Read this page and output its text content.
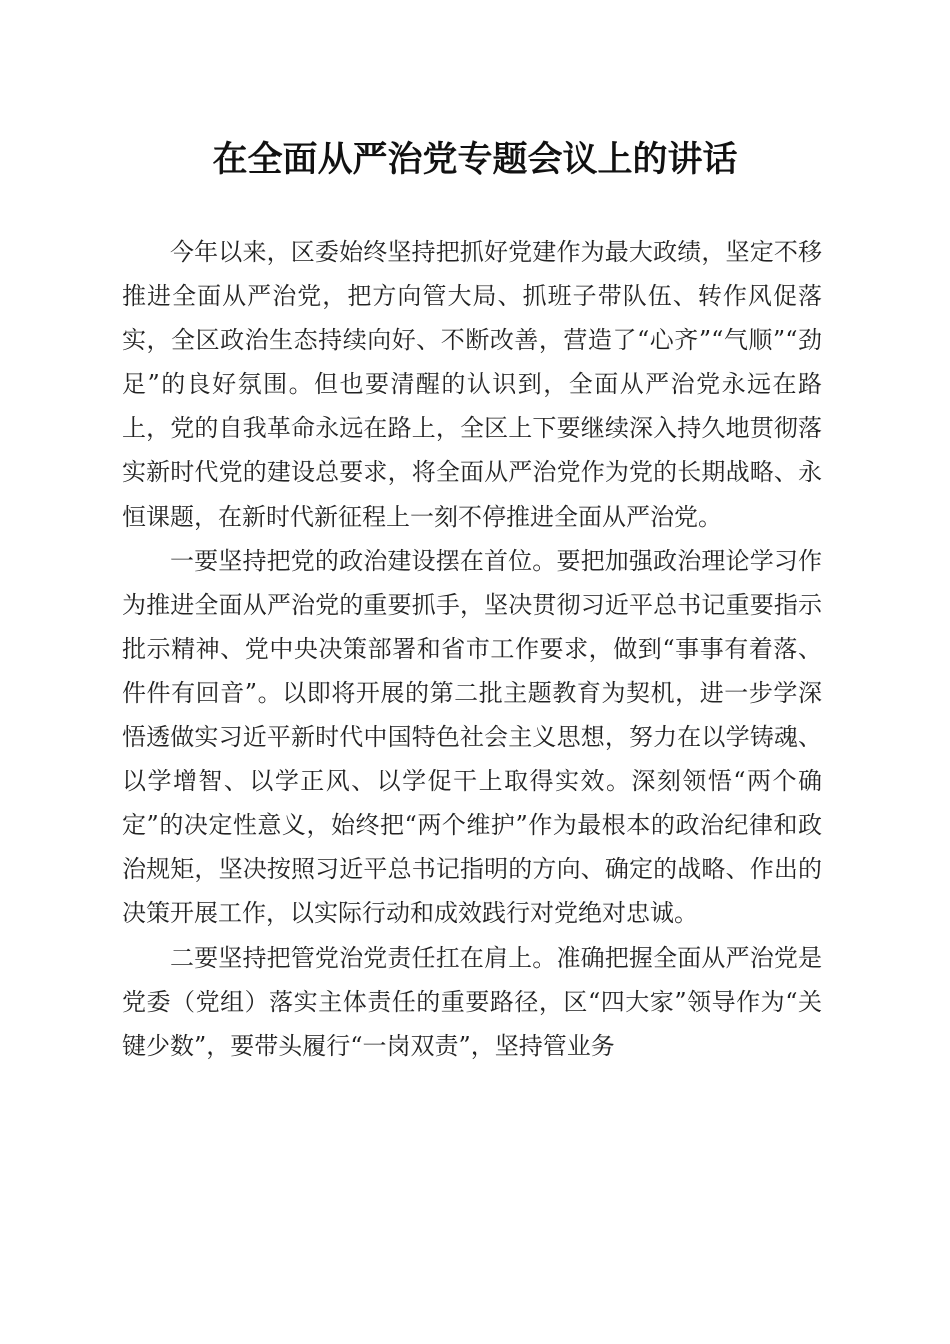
在全面从严治党专题会议上的讲话

今年以来，区委始终坚持把抓好党建作为最大政绩，坚定不移推进全面从严治党，把方向管大局、抓班子带队伍、转作风促落实，全区政治生态持续向好、不断改善，营造了“心齐”“气顺”“劲足”的良好氛围。但也要清醒的认识到，全面从严治党永远在路上，党的自我革命永远在路上，全区上下要继续深入持久地贯彻落实新时代党的建设总要求，将全面从严治党作为党的长期战略、永恒课题，在新时代新征程上一刻不停推进全面从严治党。

一要坚持把党的政治建设摆在首位。要把加强政治理论学习作为推进全面从严治党的重要抓手，坚决贯彻习近平总书记重要指示批示精神、党中央决策部署和省市工作要求，做到“事事有着落、件件有回音”。以即将开展的第二批主题教育为契机，进一步学深悟透做实习近平新时代中国特色社会主义思想，努力在以学铸魂、以学增智、以学正风、以学促干上取得实效。深刻领悟“两个确定”的决定性意义，始终把“两个维护”作为最根本的政治纪律和政治规矩，坚决按照习近平总书记指明的方向、确定的战略、作出的决策开展工作，以实际行动和成效践行对党绝对忠诚。

二要坚持把管党治党责任扛在肩上。准确把握全面从严治党是党委（党组）落实主体责任的重要路径，区“四大家”领导作为“关键少数”，要带头履行“一岗双责”，坚持管业务
